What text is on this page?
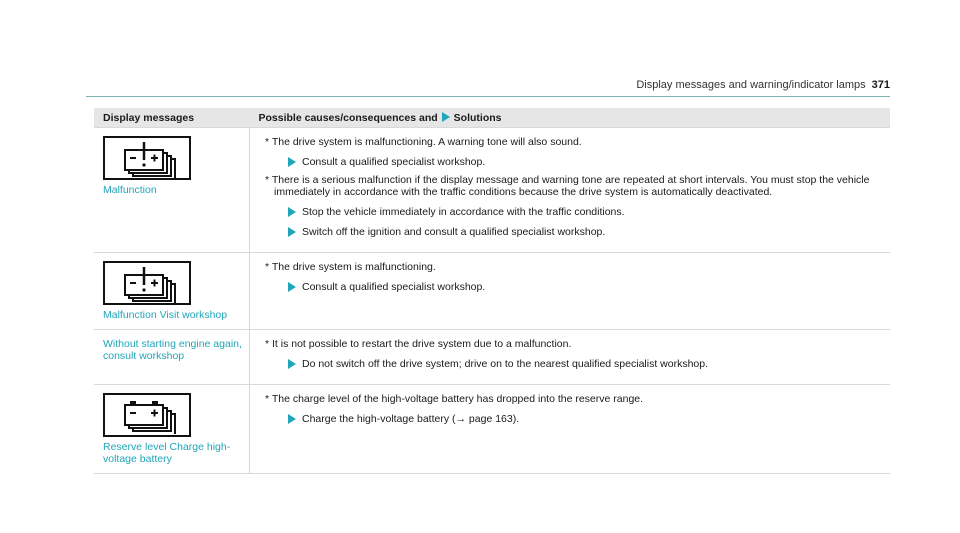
Display messages and warning/indicator lamps 371
Display messages	Possible causes/consequences and Solutions

Malfunction	* The drive system is malfunctioning. A warning tone will also sound.
Consult a qualified specialist workshop.
* There is a serious malfunction if the display message and warning tone are repeated at short intervals. You must stop the vehicle immediately in accordance with the traffic conditions because the drive system is automatically deactivated.
Stop the vehicle immediately in accordance with the traffic conditions.
Switch off the ignition and consult a qualified specialist workshop.

Malfunction Visit workshop	* The drive system is malfunctioning.
Consult a qualified specialist workshop.

Without starting engine again, consult workshop	* It is not possible to restart the drive system due to a malfunction.
Do not switch off the drive system; drive on to the nearest qualified specialist workshop.

Reserve level Charge high-voltage battery	* The charge level of the high-voltage battery has dropped into the reserve range.
Charge the high-voltage battery (→ page 163).
